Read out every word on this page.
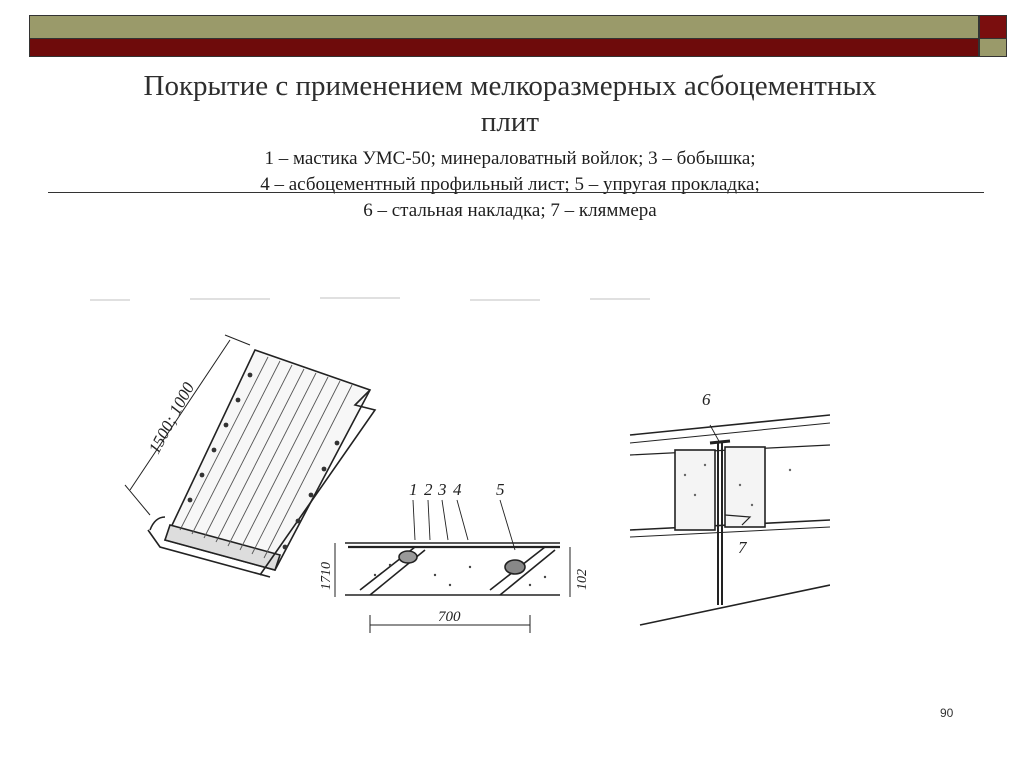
Покрытие с применением мелкоразмерных асбоцементных
плит
1 – мастика УМС-50; минераловатный войлок; 3 – бобышка;
4 – асбоцементный профильный лист; 5 – упругая прокладка;
6 – стальная накладка; 7 – кляммера
1500; 1000
1 2 3 4 5
1710	102
700
6
7
90
